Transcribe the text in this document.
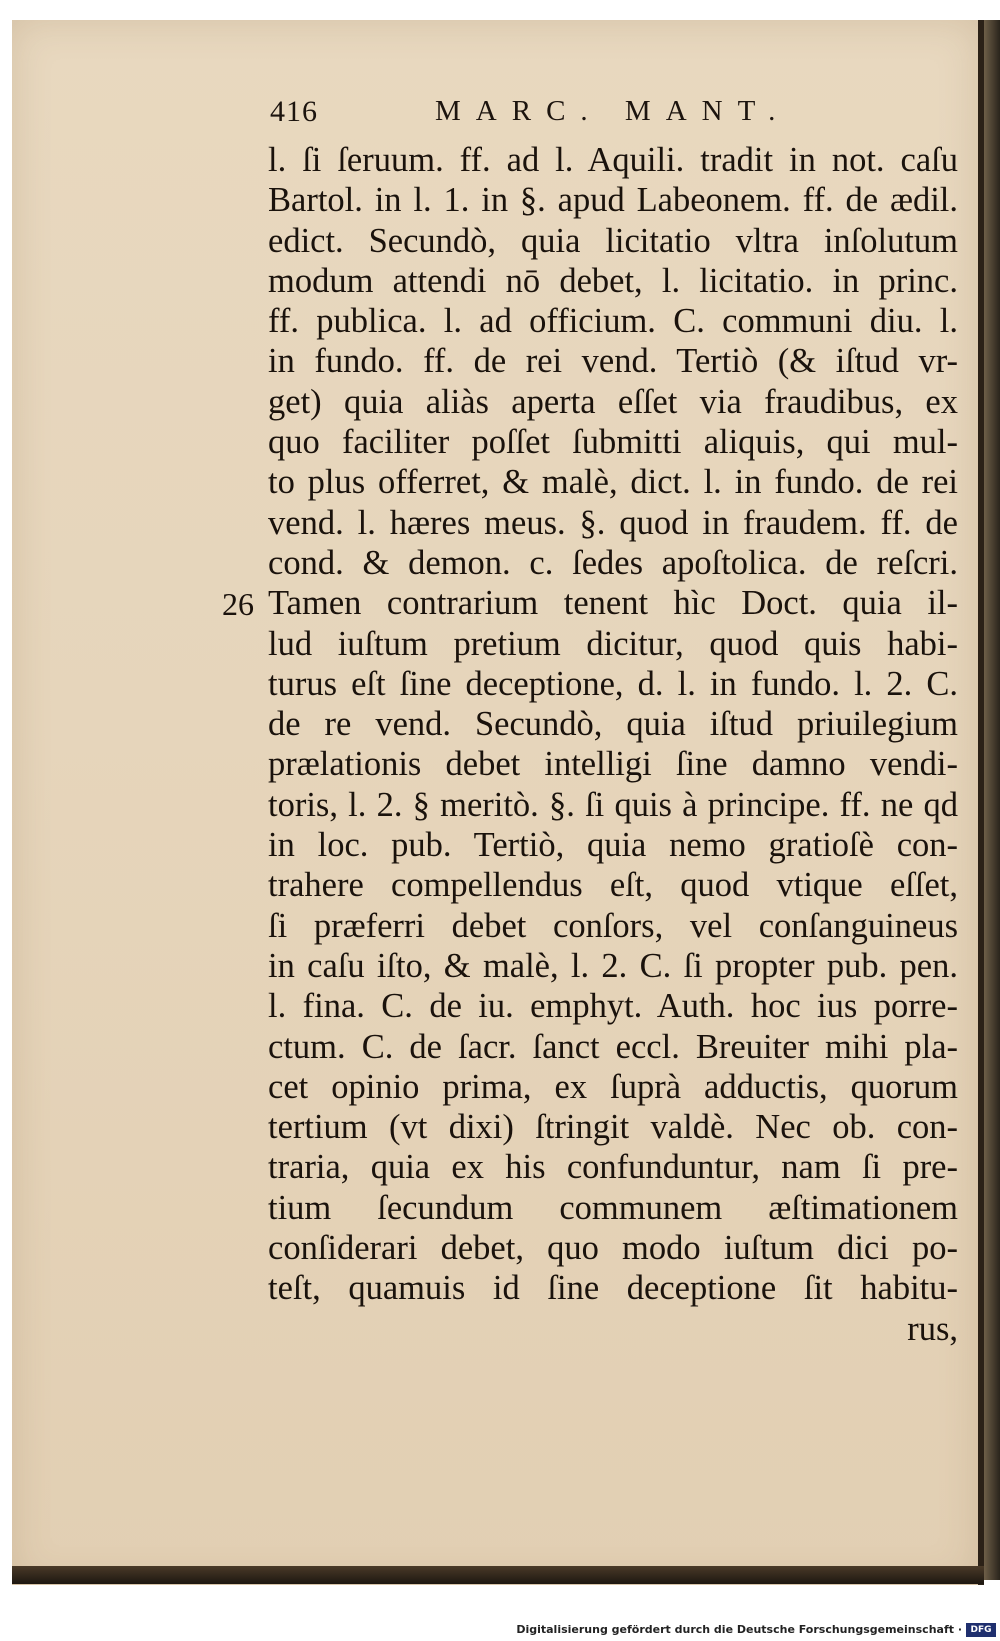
416	MARC. MANT.
26
l. ſi ſeruum. ff. ad l. Aquili. tradit in not. caſu
Bartol. in l. 1. in §. apud Labeonem. ff. de ædil.
edict. Secundò, quia licitatio vltra inſolutum
modum attendi nō debet, l. licitatio. in princ.
ff. publica. l. ad officium. C. communi diu. l.
in fundo. ff. de rei vend. Tertiò (& iſtud vr-
get) quia aliàs aperta eſſet via fraudibus, ex
quo faciliter poſſet ſubmitti aliquis, qui mul-
to plus offerret, & malè, dict. l. in fundo. de rei
vend. l. hæres meus. §. quod in fraudem. ff. de
cond. & demon. c. ſedes apoſtolica. de reſcri.
Tamen contrarium tenent hìc Doct. quia il-
lud iuſtum pretium dicitur, quod quis habi-
turus eſt ſine deceptione, d. l. in fundo. l. 2. C.
de re vend. Secundò, quia iſtud priuilegium
prælationis debet intelligi ſine damno vendi-
toris, l. 2. § meritò. §. ſi quis à principe. ff. ne qd
in loc. pub. Tertiò, quia nemo gratioſè con-
trahere compellendus eſt, quod vtique eſſet,
ſi præferri debet conſors, vel conſanguineus
in caſu iſto, & malè, l. 2. C. ſi propter pub. pen.
l. fina. C. de iu. emphyt. Auth. hoc ius porre-
ctum. C. de ſacr. ſanct eccl. Breuiter mihi pla-
cet opinio prima, ex ſuprà adductis, quorum
tertium (vt dixi) ſtringit valdè. Nec ob. con-
traria, quia ex his confunduntur, nam ſi pre-
tium ſecundum communem æſtimationem
conſiderari debet, quo modo iuſtum dici po-
teſt, quamuis id ſine deceptione ſit habitu-
rus,
Digitalisierung gefördert durch die Deutsche Forschungsgemeinschaft · DFG
